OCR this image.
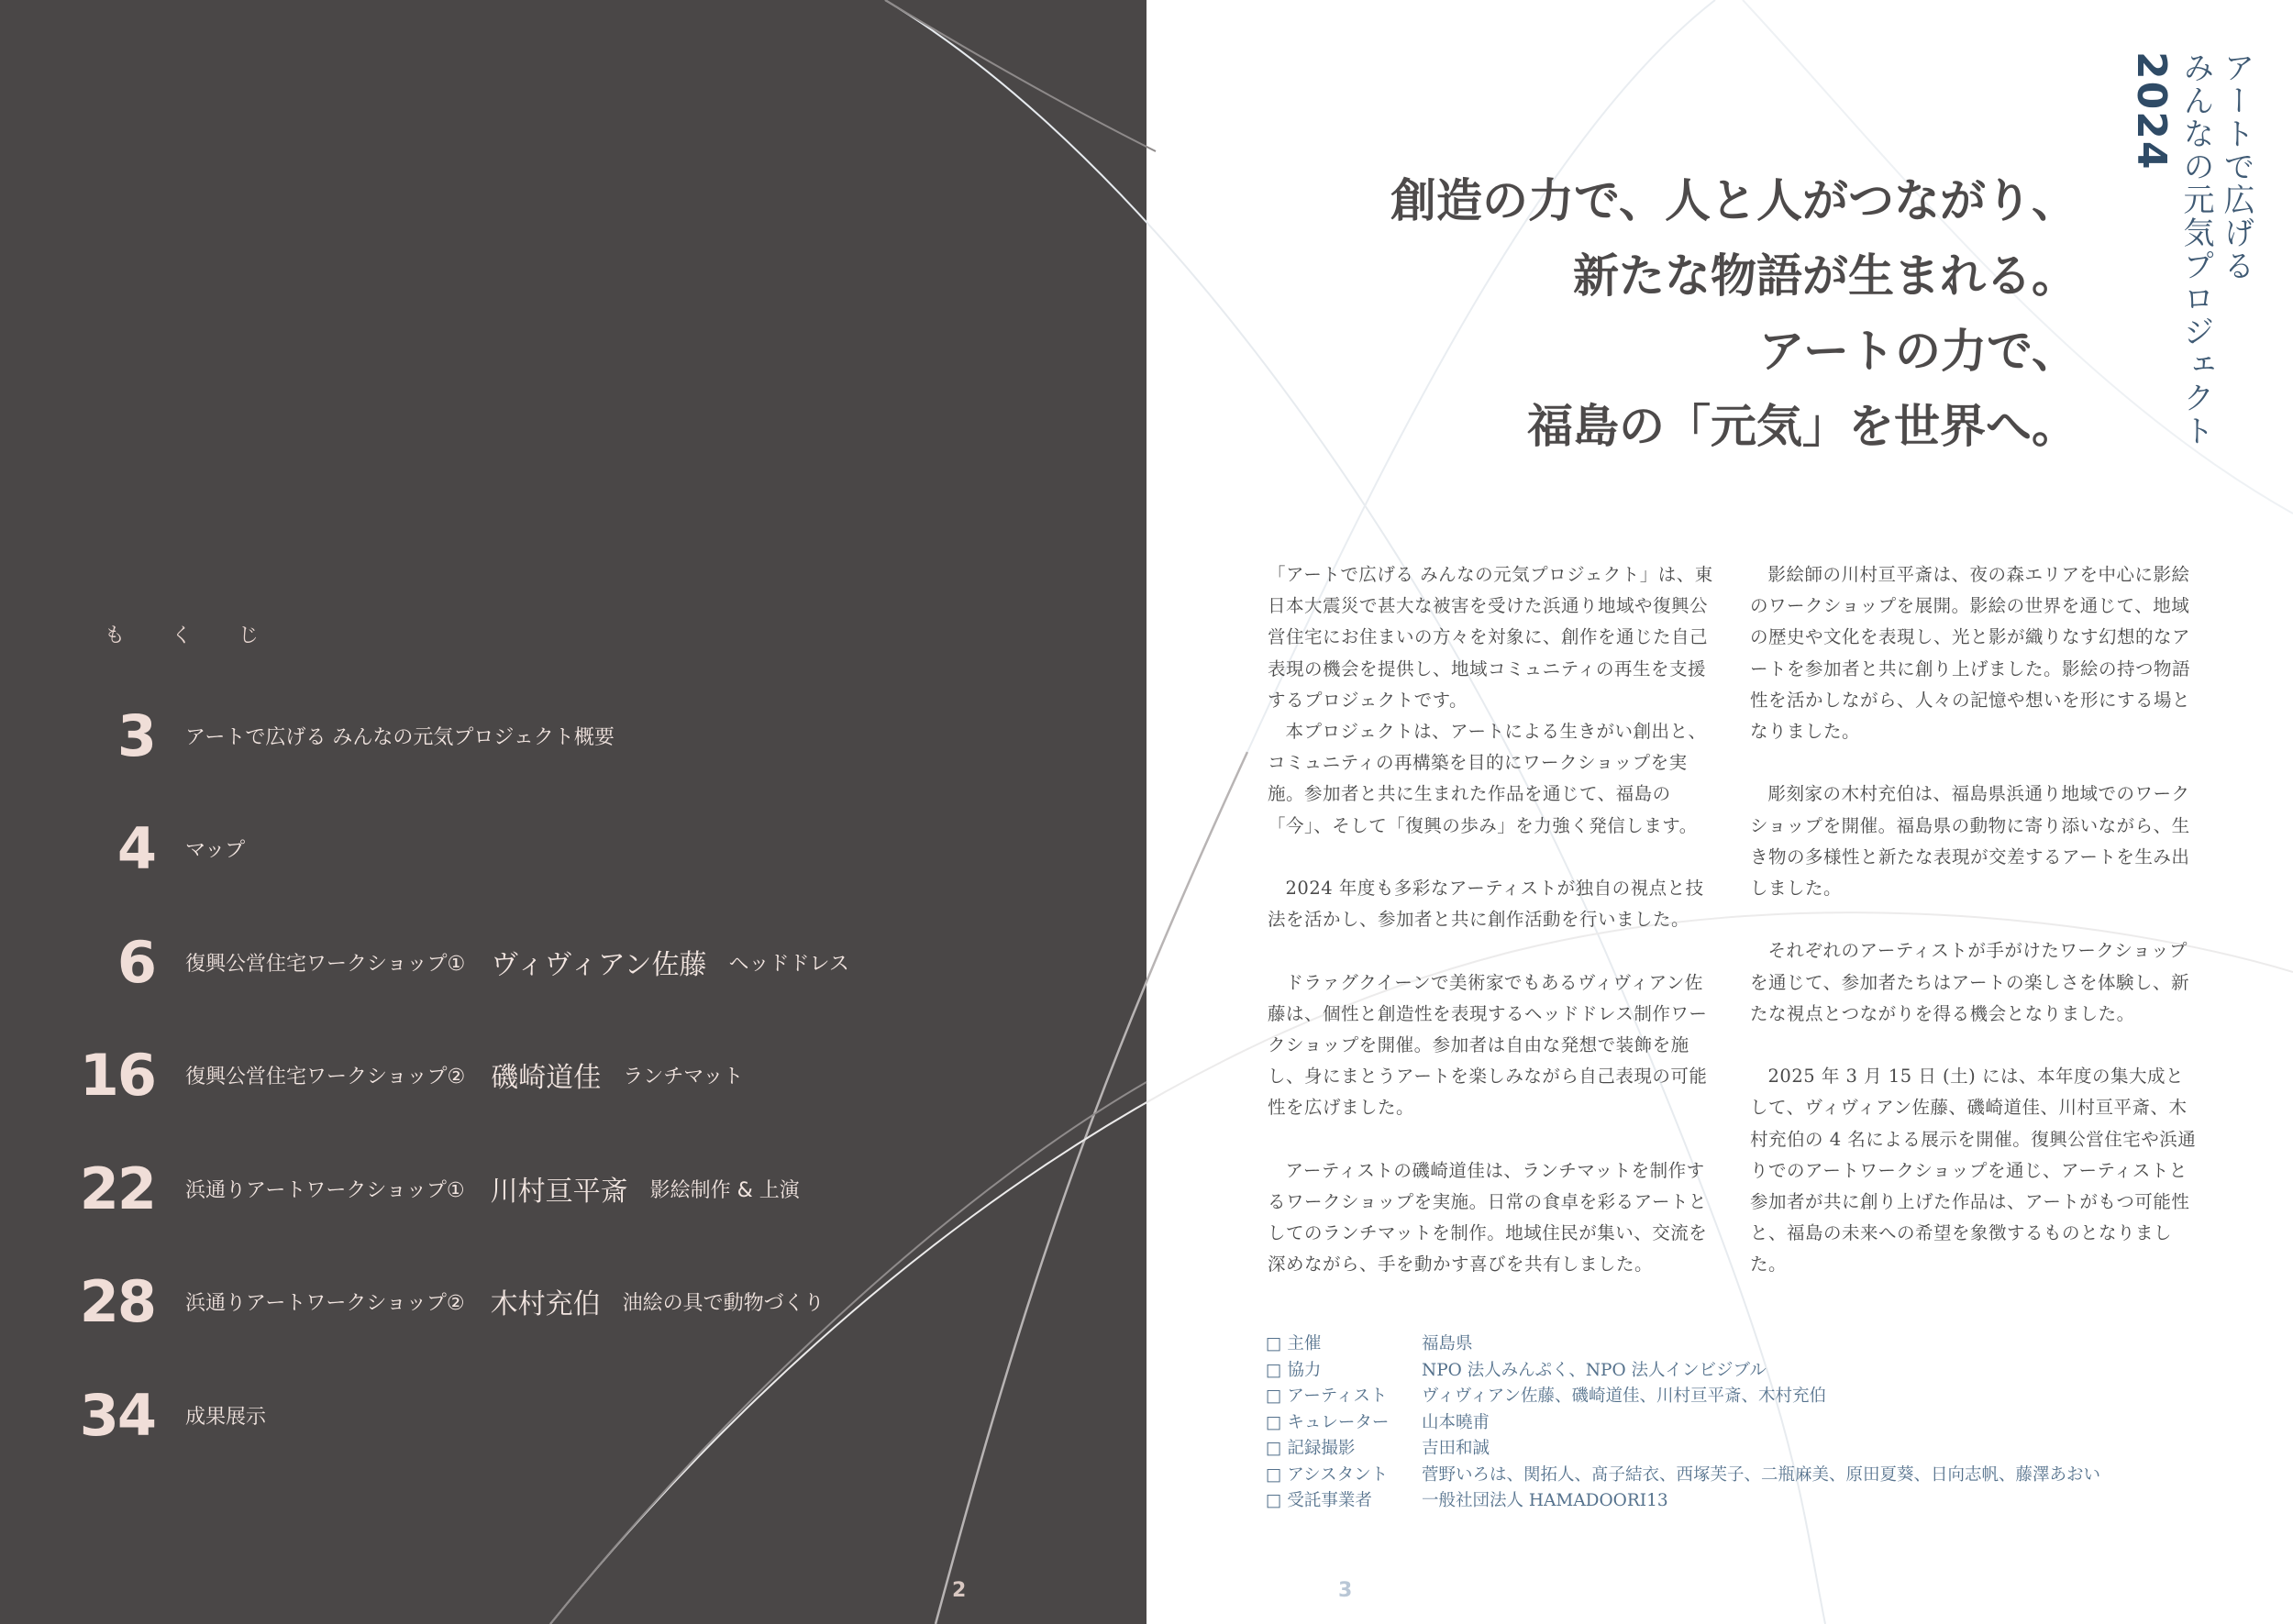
も く じ
3	アートで広げる みんなの元気プロジェクト概要
4	マップ
6	復興公営住宅ワークショップ① ヴィヴィアン佐藤 ヘッドドレス
16	復興公営住宅ワークショップ② 磯崎道佳 ランチマット
22	浜通りアートワークショップ① 川村亘平斎 影絵制作 & 上演
28	浜通りアートワークショップ② 木村充伯 油絵の具で動物づくり
34	成果展示
2
アートで広げる
みんなの元気プロジェクト
2024
創造の力で、人と人がつながり、
新たな物語が生まれる。
アートの力で、
福島の「元気」を世界へ。

「アートで広げる みんなの元気プロジェクト」は、東日本大震災で甚大な被害を受けた浜通り地域や復興公営住宅にお住まいの方々を対象に、創作を通じた自己表現の機会を提供し、地域コミュニティの再生を支援するプロジェクトです。

本プロジェクトは、アートによる生きがい創出と、コミュニティの再構築を目的にワークショップを実施。参加者と共に生まれた作品を通じて、福島の「今」、そして「復興の歩み」を力強く発信します。

2024 年度も多彩なアーティストが独自の視点と技法を活かし、参加者と共に創作活動を行いました。

ドラァグクイーンで美術家でもあるヴィヴィアン佐藤は、個性と創造性を表現するヘッドドレス制作ワークショップを開催。参加者は自由な発想で装飾を施し、身にまとうアートを楽しみながら自己表現の可能性を広げました。

アーティストの磯崎道佳は、ランチマットを制作するワークショップを実施。日常の食卓を彩るアートとしてのランチマットを制作。地域住民が集い、交流を深めながら、手を動かす喜びを共有しました。

影絵師の川村亘平斎は、夜の森エリアを中心に影絵のワークショップを展開。影絵の世界を通じて、地域の歴史や文化を表現し、光と影が織りなす幻想的なアートを参加者と共に創り上げました。影絵の持つ物語性を活かしながら、人々の記憶や想いを形にする場となりました。

彫刻家の木村充伯は、福島県浜通り地域でのワークショップを開催。福島県の動物に寄り添いながら、生き物の多様性と新たな表現が交差するアートを生み出しました。

それぞれのアーティストが手がけたワークショップを通じて、参加者たちはアートの楽しさを体験し、新たな視点とつながりを得る機会となりました。

2025 年 3 月 15 日 (土) には、本年度の集大成として、ヴィヴィアン佐藤、磯崎道佳、川村亘平斎、木村充伯の 4 名による展示を開催。復興公営住宅や浜通りでのアートワークショップを通じ、アーティストと参加者が共に創り上げた作品は、アートがもつ可能性と、福島の未来への希望を象徴するものとなりました。

□ 主催	福島県
□ 協力	NPO 法人みんぷく、NPO 法人インビジブル
□ アーティスト	ヴィヴィアン佐藤、磯崎道佳、川村亘平斎、木村充伯
□ キュレーター	山本曉甫
□ 記録撮影	吉田和誠
□ アシスタント	菅野いろは、関拓人、髙子結衣、西塚芙子、二瓶麻美、原田夏葵、日向志帆、藤澤あおい
□ 受託事業者	一般社団法人 HAMADOORI13
3
